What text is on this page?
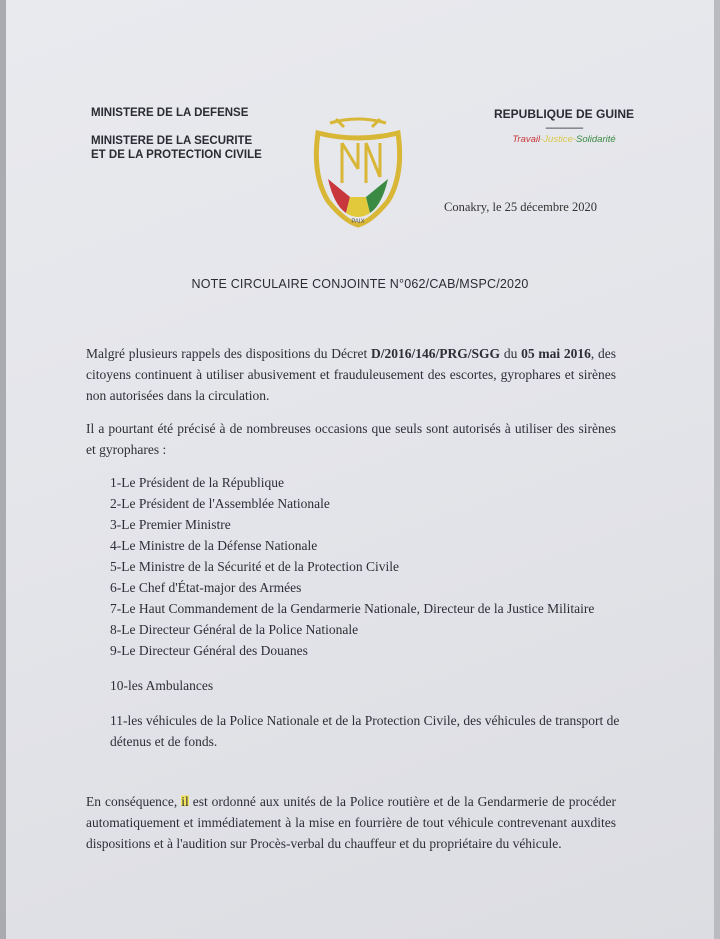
MINISTERE DE LA DEFENSE
MINISTERE DE LA SECURITE
ET DE LA PROTECTION CIVILE
PAIX
REPUBLIQUE DE GUINE
----------------
Travail-Justice-Solidarité
Conakry, le 25 décembre 2020
NOTE CIRCULAIRE CONJOINTE N°062/CAB/MSPC/2020
Malgré plusieurs rappels des dispositions du Décret D/2016/146/PRG/SGG du 05 mai 2016, des citoyens continuent à utiliser abusivement et frauduleusement des escortes, gyrophares et sirènes non autorisées dans la circulation.
Il a pourtant été précisé à de nombreuses occasions que seuls sont autorisés à utiliser des sirènes et gyrophares :
1-Le Président de la République
2-Le Président de l'Assemblée Nationale
3-Le Premier Ministre
4-Le Ministre de la Défense Nationale
5-Le Ministre de la Sécurité et de la Protection Civile
6-Le Chef d'État-major des Armées
7-Le Haut Commandement de la Gendarmerie Nationale, Directeur de la Justice Militaire
8-Le Directeur Général de la Police Nationale
9-Le Directeur Général des Douanes
10-les Ambulances
11-les véhicules de la Police Nationale et de la Protection Civile, des véhicules de transport de détenus et de fonds.
En conséquence, il est ordonné aux unités de la Police routière et de la Gendarmerie de procéder automatiquement et immédiatement à la mise en fourrière de tout véhicule contrevenant auxdites dispositions et à l'audition sur Procès-verbal du chauffeur et du propriétaire du véhicule.
